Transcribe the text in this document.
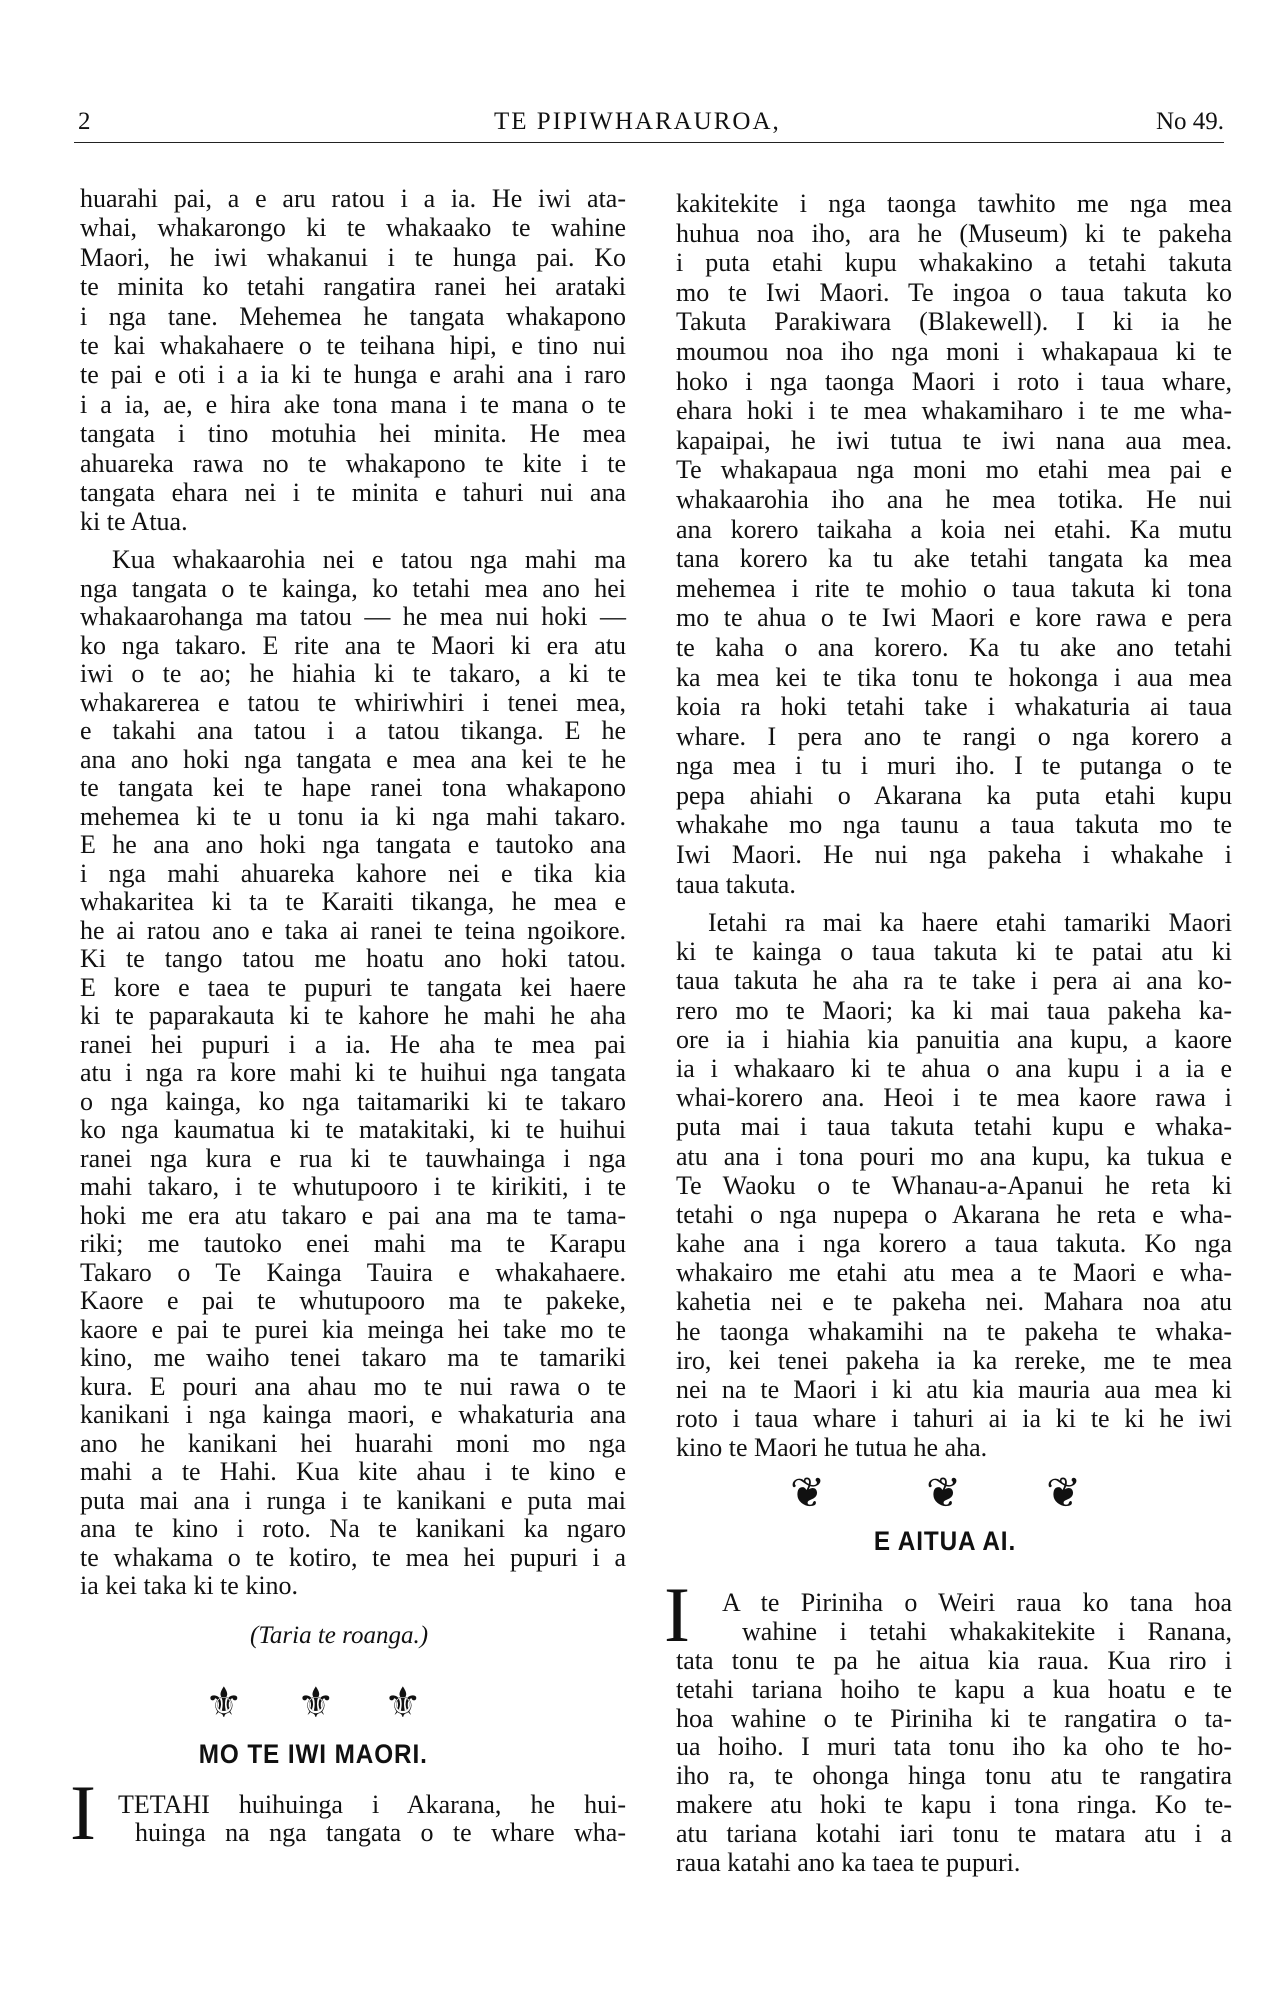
2	TE PIPIWHARAUROA,	No 49.
huarahi pai, a e aru ratou i a ia. He iwi ata-
whai, whakarongo ki te whakaako te wahine
Maori, he iwi whakanui i te hunga pai. Ko
te minita ko tetahi rangatira ranei hei arataki
i nga tane. Mehemea he tangata whakapono
te kai whakahaere o te teihana hipi, e tino nui
te pai e oti i a ia ki te hunga e arahi ana i raro
i a ia, ae, e hira ake tona mana i te mana o te
tangata i tino motuhia hei minita. He mea
ahuareka rawa no te whakapono te kite i te
tangata ehara nei i te minita e tahuri nui ana
ki te Atua.
Kua whakaarohia nei e tatou nga mahi ma
nga tangata o te kainga, ko tetahi mea ano hei
whakaarohanga ma tatou — he mea nui hoki —
ko nga takaro. E rite ana te Maori ki era atu
iwi o te ao; he hiahia ki te takaro, a ki te
whakarerea e tatou te whiriwhiri i tenei mea,
e takahi ana tatou i a tatou tikanga. E he
ana ano hoki nga tangata e mea ana kei te he
te tangata kei te hape ranei tona whakapono
mehemea ki te u tonu ia ki nga mahi takaro.
E he ana ano hoki nga tangata e tautoko ana
i nga mahi ahuareka kahore nei e tika kia
whakaritea ki ta te Karaiti tikanga, he mea e
he ai ratou ano e taka ai ranei te teina ngoikore.
Ki te tango tatou me hoatu ano hoki tatou.
E kore e taea te pupuri te tangata kei haere
ki te paparakauta ki te kahore he mahi he aha
ranei hei pupuri i a ia. He aha te mea pai
atu i nga ra kore mahi ki te huihui nga tangata
o nga kainga, ko nga taitamariki ki te takaro
ko nga kaumatua ki te matakitaki, ki te huihui
ranei nga kura e rua ki te tauwhainga i nga
mahi takaro, i te whutupooro i te kirikiti, i te
hoki me era atu takaro e pai ana ma te tama-
riki; me tautoko enei mahi ma te Karapu
Takaro o Te Kainga Tauira e whakahaere.
Kaore e pai te whutupooro ma te pakeke,
kaore e pai te purei kia meinga hei take mo te
kino, me waiho tenei takaro ma te tamariki
kura. E pouri ana ahau mo te nui rawa o te
kanikani i nga kainga maori, e whakaturia ana
ano he kanikani hei huarahi moni mo nga
mahi a te Hahi. Kua kite ahau i te kino e
puta mai ana i runga i te kanikani e puta mai
ana te kino i roto. Na te kanikani ka ngaro
te whakama o te kotiro, te mea hei pupuri i a
ia kei taka ki te kino.
(Taria te roanga.)
⚜ ⚜ ⚜
MO TE IWI MAORI.
I TETAHI huihuinga i Akarana, he hui-
huinga na nga tangata o te whare wha-
kakitekite i nga taonga tawhito me nga mea
huhua noa iho, ara he (Museum) ki te pakeha
i puta etahi kupu whakakino a tetahi takuta
mo te Iwi Maori. Te ingoa o taua takuta ko
Takuta Parakiwara (Blakewell). I ki ia he
moumou noa iho nga moni i whakapaua ki te
hoko i nga taonga Maori i roto i taua whare,
ehara hoki i te mea whakamiharo i te me wha-
kapaipai, he iwi tutua te iwi nana aua mea.
Te whakapaua nga moni mo etahi mea pai e
whakaarohia iho ana he mea totika. He nui
ana korero taikaha a koia nei etahi. Ka mutu
tana korero ka tu ake tetahi tangata ka mea
mehemea i rite te mohio o taua takuta ki tona
mo te ahua o te Iwi Maori e kore rawa e pera
te kaha o ana korero. Ka tu ake ano tetahi
ka mea kei te tika tonu te hokonga i aua mea
koia ra hoki tetahi take i whakaturia ai taua
whare. I pera ano te rangi o nga korero a
nga mea i tu i muri iho. I te putanga o te
pepa ahiahi o Akarana ka puta etahi kupu
whakahe mo nga taunu a taua takuta mo te
Iwi Maori. He nui nga pakeha i whakahe i
taua takuta.
Ietahi ra mai ka haere etahi tamariki Maori
ki te kainga o taua takuta ki te patai atu ki
taua takuta he aha ra te take i pera ai ana ko-
rero mo te Maori; ka ki mai taua pakeha ka-
ore ia i hiahia kia panuitia ana kupu, a kaore
ia i whakaaro ki te ahua o ana kupu i a ia e
whai-korero ana. Heoi i te mea kaore rawa i
puta mai i taua takuta tetahi kupu e whaka-
atu ana i tona pouri mo ana kupu, ka tukua e
Te Waoku o te Whanau-a-Apanui he reta ki
tetahi o nga nupepa o Akarana he reta e wha-
kahe ana i nga korero a taua takuta. Ko nga
whakairo me etahi atu mea a te Maori e wha-
kahetia nei e te pakeha nei. Mahara noa atu
he taonga whakamihi na te pakeha te whaka-
iro, kei tenei pakeha ia ka rereke, me te mea
nei na te Maori i ki atu kia mauria aua mea ki
roto i taua whare i tahuri ai ia ki te ki he iwi
kino te Maori he tutua he aha.
❦ ❦ ❦
E AITUA AI.
I	A te Piriniha o Weiri raua ko tana hoa
wahine i tetahi whakakitekite i Ranana,
tata tonu te pa he aitua kia raua. Kua riro i
tetahi tariana hoiho te kapu a kua hoatu e te
hoa wahine o te Piriniha ki te rangatira o ta-
ua hoiho. I muri tata tonu iho ka oho te ho-
iho ra, te ohonga hinga tonu atu te rangatira
makere atu hoki te kapu i tona ringa. Ko te-
atu tariana kotahi iari tonu te matara atu i a
raua katahi ano ka taea te pupuri.
